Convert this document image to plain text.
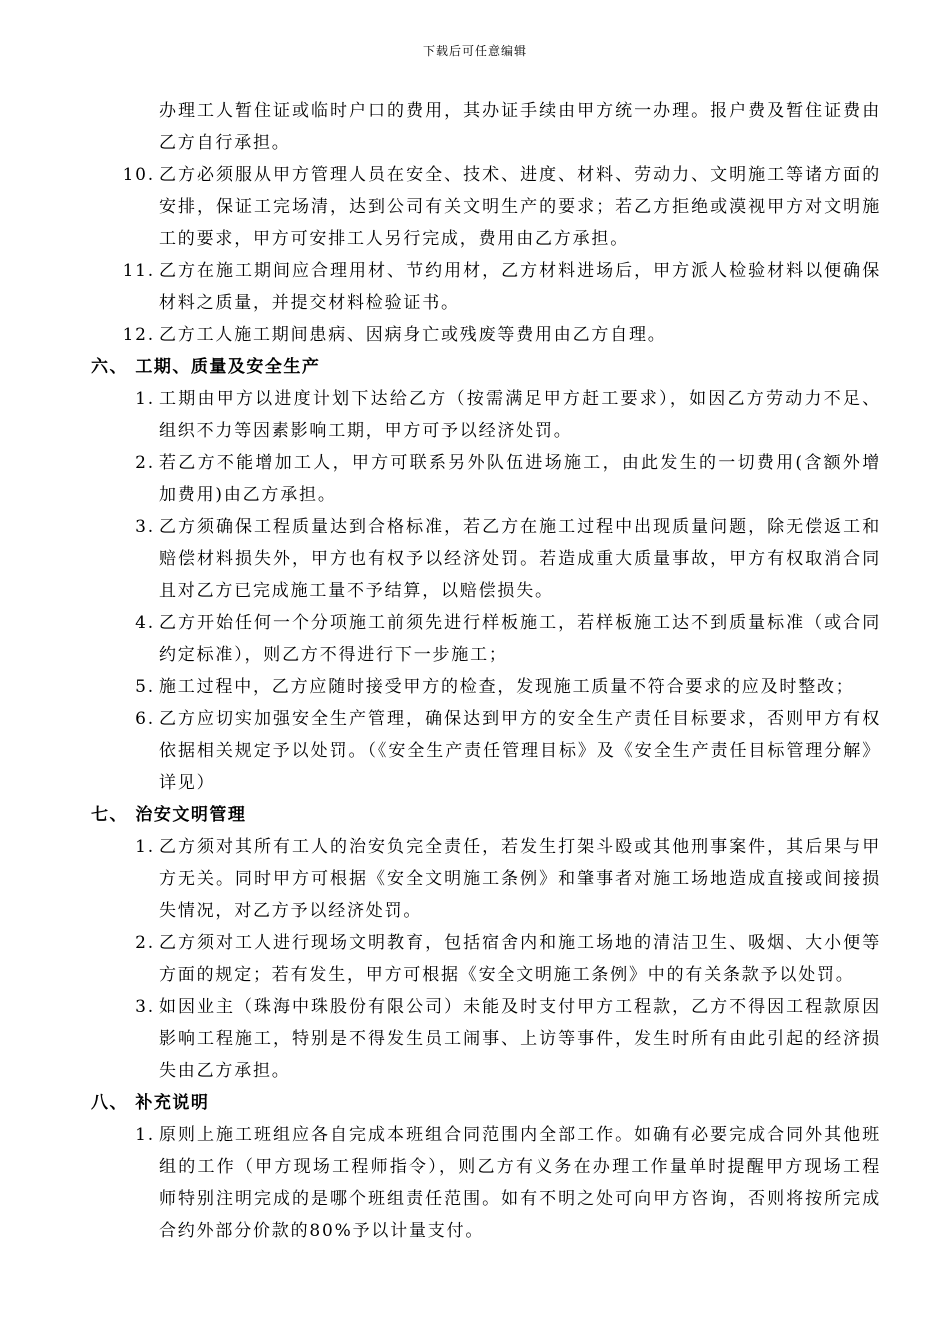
下载后可任意编辑
办理工人暂住证或临时户口的费用，其办证手续由甲方统一办理。报户费及暂住证费由乙方自行承担。
10. 乙方必须服从甲方管理人员在安全、技术、进度、材料、劳动力、文明施工等诸方面的安排，保证工完场清，达到公司有关文明生产的要求；若乙方拒绝或漠视甲方对文明施工的要求，甲方可安排工人另行完成，费用由乙方承担。
11. 乙方在施工期间应合理用材、节约用材，乙方材料进场后，甲方派人检验材料以便确保材料之质量，并提交材料检验证书。
12. 乙方工人施工期间患病、因病身亡或残废等费用由乙方自理。
六、 工期、质量及安全生产
1. 工期由甲方以进度计划下达给乙方（按需满足甲方赶工要求），如因乙方劳动力不足、组织不力等因素影响工期，甲方可予以经济处罚。
2. 若乙方不能增加工人，甲方可联系另外队伍进场施工，由此发生的一切费用(含额外增加费用)由乙方承担。
3. 乙方须确保工程质量达到合格标准，若乙方在施工过程中出现质量问题，除无偿返工和赔偿材料损失外，甲方也有权予以经济处罚。若造成重大质量事故，甲方有权取消合同且对乙方已完成施工量不予结算，以赔偿损失。
4. 乙方开始任何一个分项施工前须先进行样板施工，若样板施工达不到质量标准（或合同约定标准），则乙方不得进行下一步施工；
5. 施工过程中，乙方应随时接受甲方的检查，发现施工质量不符合要求的应及时整改；
6. 乙方应切实加强安全生产管理，确保达到甲方的安全生产责任目标要求，否则甲方有权依据相关规定予以处罚。（《安全生产责任管理目标》及《安全生产责任目标管理分解》详见）
七、 治安文明管理
1. 乙方须对其所有工人的治安负完全责任，若发生打架斗殴或其他刑事案件，其后果与甲方无关。同时甲方可根据《安全文明施工条例》和肇事者对施工场地造成直接或间接损失情况，对乙方予以经济处罚。
2. 乙方须对工人进行现场文明教育，包括宿舍内和施工场地的清洁卫生、吸烟、大小便等方面的规定；若有发生，甲方可根据《安全文明施工条例》中的有关条款予以处罚。
3. 如因业主（珠海中珠股份有限公司）未能及时支付甲方工程款，乙方不得因工程款原因影响工程施工，特别是不得发生员工闹事、上访等事件，发生时所有由此引起的经济损失由乙方承担。
八、 补充说明
1. 原则上施工班组应各自完成本班组合同范围内全部工作。如确有必要完成合同外其他班组的工作（甲方现场工程师指令），则乙方有义务在办理工作量单时提醒甲方现场工程师特别注明完成的是哪个班组责任范围。如有不明之处可向甲方咨询，否则将按所完成合约外部分价款的80%予以计量支付。
